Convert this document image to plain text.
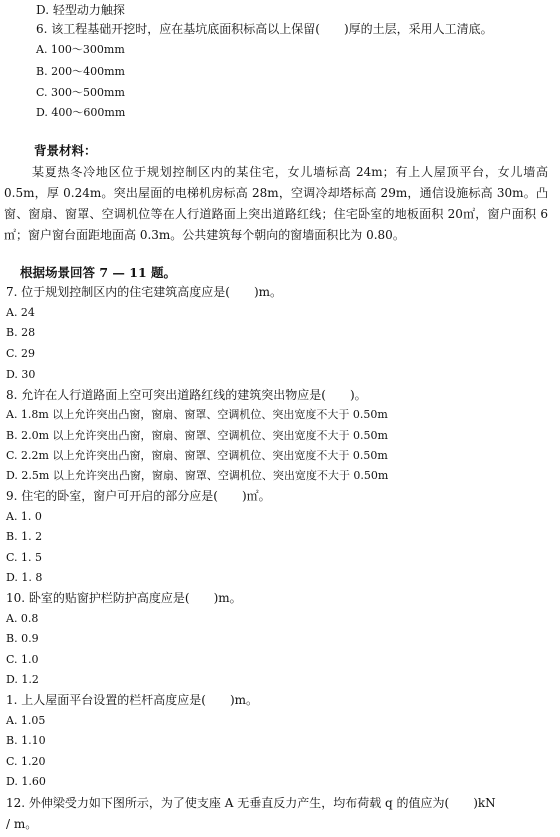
D. 轻型动力触探
6. 该工程基础开挖时，应在基坑底面积标高以上保留(　　)厚的土层，采用人工清底。
A. 100～300mm
B. 200～400mm
C. 300～500mm
D. 400～600mm
背景材料：
某夏热冬冷地区位于规划控制区内的某住宅，女儿墙标高 24m；有上人屋顶平台，女儿墙高 0.5m，厚 0.24m。突出屋面的电梯机房标高 28m，空调冷却塔标高 29m，通信设施标高 30m。凸窗、窗扇、窗罩、空调机位等在人行道路面上突出道路红线；住宅卧室的地板面积 20㎡，窗户面积 6㎡；窗户窗台面距地面高 0.3m。公共建筑每个朝向的窗墙面积比为 0.80。
根据场景回答 7 — 11 题。
7. 位于规划控制区内的住宅建筑高度应是(　　)m。
A. 24
B. 28
C. 29
D. 30
8. 允许在人行道路面上空可突出道路红线的建筑突出物应是(　　)。
A. 1.8m 以上允许突出凸窗，窗扇、窗罩、空调机位、突出宽度不大于 0.50m
B. 2.0m 以上允许突出凸窗，窗扇、窗罩、空调机位、突出宽度不大于 0.50m
C. 2.2m 以上允许突出凸窗，窗扇、窗罩、空调机位、突出宽度不大于 0.50m
D. 2.5m 以上允许突出凸窗，窗扇、窗罩、空调机位、突出宽度不大于 0.50m
9. 住宅的卧室，窗户可开启的部分应是(　　)㎡。
A. 1. 0
B. 1. 2
C. 1. 5
D. 1. 8
10. 卧室的贴窗护栏防护高度应是(　　)m。
A. 0.8
B. 0.9
C. 1.0
D. 1.2
1. 上人屋面平台设置的栏杆高度应是(　　)m。
A. 1.05
B. 1.10
C. 1.20
D. 1.60
12. 外伸梁受力如下图所示，为了使支座 A 无垂直反力产生，均布荷载 q 的值应为(　　)kN
/ m。
